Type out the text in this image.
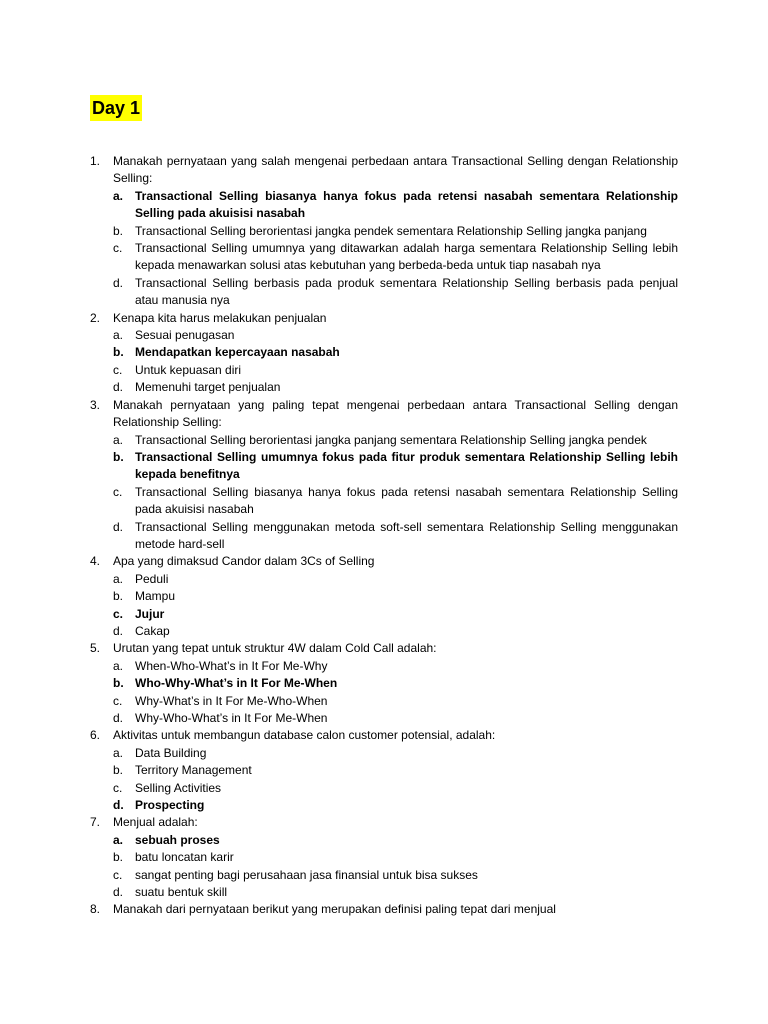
Day 1
1.	Manakah pernyataan yang salah mengenai perbedaan antara Transactional Selling dengan Relationship Selling:
a. Transactional Selling biasanya hanya fokus pada retensi nasabah sementara Relationship Selling pada akuisisi nasabah
b. Transactional Selling berorientasi jangka pendek sementara Relationship Selling jangka panjang
c.	Transactional Selling umumnya yang ditawarkan adalah harga sementara Relationship Selling lebih kepada menawarkan solusi atas kebutuhan yang berbeda-beda untuk tiap nasabah nya
d. Transactional Selling berbasis pada produk sementara Relationship Selling berbasis pada penjual atau manusia nya
2.	Kenapa kita harus melakukan penjualan
a. Sesuai penugasan
b. Mendapatkan kepercayaan nasabah
c.	Untuk kepuasan diri
d. Memenuhi target penjualan
3.	Manakah pernyataan yang paling tepat mengenai perbedaan antara Transactional Selling dengan Relationship Selling:
a. Transactional Selling berorientasi jangka panjang sementara Relationship Selling jangka pendek
b. Transactional Selling umumnya fokus pada fitur produk sementara Relationship Selling lebih kepada benefitnya
c.	Transactional Selling biasanya hanya fokus pada retensi nasabah sementara Relationship Selling pada akuisisi nasabah
d. Transactional Selling menggunakan metoda soft-sell sementara Relationship Selling menggunakan metode hard-sell
4.	Apa yang dimaksud Candor dalam 3Cs of Selling
a. Peduli
b. Mampu
c. Jujur
d. Cakap
5.	Urutan yang tepat untuk struktur 4W dalam Cold Call adalah:
a. When-Who-What’s in It For Me-Why
b. Who-Why-What’s in It For Me-When
c.	Why-What’s in It For Me-Who-When
d. Why-Who-What’s in It For Me-When
6.	Aktivitas untuk membangun database calon customer potensial, adalah:
a. Data Building
b. Territory Management
c.	Selling Activities
d. Prospecting
7.	Menjual adalah:
a. sebuah proses
b. batu loncatan karir
c.	sangat penting bagi perusahaan jasa finansial untuk bisa sukses
d. suatu bentuk skill
8.	Manakah dari pernyataan berikut yang merupakan definisi paling tepat dari menjual
